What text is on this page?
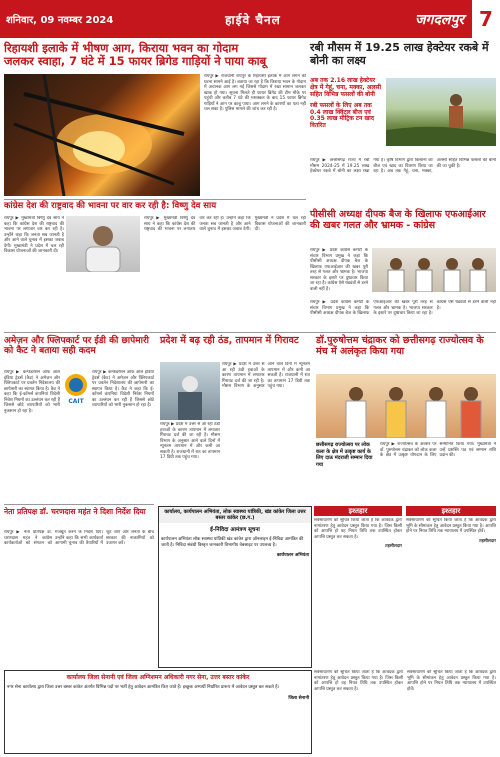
शनिवार, 09 नवम्बर 2024	हाईवे चैनल	जगदलपुर 7
रिहायशी इलाके में भीषण आग, किराया भवन का गोदाम
जलकर स्वाहा, 7 घंटे में 15 फायर ब्रिगेड गाड़ियों ने पाया काबू

रायपुर ▶ राजधानी रायपुर के रिहायशी इलाके में आग लगने की घटना सामने आई है। बताया जा रहा है कि किराया भवन के गोदाम में अचानक आग लग गई जिससे गोदाम में रखा सामान जलकर खाक हो गया। सूचना मिलते ही फायर ब्रिगेड की टीम मौके पर पहुंची और करीब 7 घंटे की मशक्कत के बाद 15 फायर ब्रिगेड गाड़ियों ने आग पर काबू पाया। आग लगने के कारणों का पता नहीं चल सका है। पुलिस मामले की जांच कर रही है।

रबी मौसम में 19.25 लाख हेक्टेयर रकबे में बोनी का लक्ष्य
अब तक 2.16 लाख हेक्टेयर क्षेत्र में गेहूं, चना, मक्का, अलसी सहित विभिन्न फसलों की बोनी
रबी फसलों के लिए अब तक 0.4 लाख क्विंटल बीज एवं 0.35 लाख मीट्रिक टन खाद वितरित

रायपुर ▶ छत्तीसगढ़ राज्य में रबी मौसम 2024-25 में 19.25 लाख हेक्टेयर रकबे में बोनी का लक्ष्य रखा गया है। कृषि विभाग द्वारा किसानों को बीज एवं खाद का वितरण किया जा रहा है। अब तक गेहूं, चना, मक्का, अलसी सहित विभिन्न फसलों की बोनी की जा चुकी है।

कांग्रेस देश की राष्ट्रवाद की भावना पर वार कर रही है: विष्णु देव साय

रायपुर ▶ मुख्यमंत्री विष्णु देव साय ने कहा कि कांग्रेस देश की राष्ट्रवाद की भावना पर लगातार वार कर रही है। उन्होंने कहा कि जनता सब जानती है और आने वाले चुनाव में इसका जवाब देगी। मुख्यमंत्री ने प्रदेश में चल रही विकास योजनाओं की जानकारी दी।

रायपुर ▶ मुख्यमंत्री विष्णु देव साय ने कहा कि कांग्रेस देश की राष्ट्रवाद की भावना पर लगातार वार कर रही है। उन्होंने कहा कि जनता सब जानती है और आने वाले चुनाव में इसका जवाब देगी। मुख्यमंत्री ने प्रदेश में चल रही विकास योजनाओं की जानकारी दी।

पीसीसी अध्यक्ष दीपक बैज के खिलाफ एफआईआर की खबर गलत और भ्रामक - कांग्रेस

रायपुर ▶ प्रदेश कांग्रेस कमेटी के संचार विभाग प्रमुख ने कहा कि पीसीसी अध्यक्ष दीपक बैज के खिलाफ एफआईआर की खबर पूरी तरह से गलत और भ्रामक है। भाजपा सरकार के इशारे पर दुष्प्रचार किया जा रहा है। कांग्रेस ऐसे षड्यंत्रों से डरने वाली नहीं है।

रायपुर ▶ प्रदेश कांग्रेस कमेटी के संचार विभाग प्रमुख ने कहा कि पीसीसी अध्यक्ष दीपक बैज के खिलाफ एफआईआर की खबर पूरी तरह से गलत और भ्रामक है। भाजपा सरकार के इशारे पर दुष्प्रचार किया जा रहा है। कांग्रेस ऐसे षड्यंत्रों से डरने वाली नहीं है।

अमेज़न और फ्लिपकार्ट पर ईडी की छापेमारी को कैट ने बताया सही कदम

रायपुर ▶ कन्फेडरेशन ऑफ ऑल इंडिया ट्रेडर्स (कैट) ने अमेज़न और फ्लिपकार्ट पर प्रवर्तन निदेशालय की छापेमारी का स्वागत किया है। कैट ने कहा कि ई-कॉमर्स कंपनियां विदेशी निवेश नियमों का उल्लंघन कर रही हैं जिससे छोटे व्यापारियों को भारी नुकसान हो रहा है।

CAIT

रायपुर ▶ कन्फेडरेशन ऑफ ऑल इंडिया ट्रेडर्स (कैट) ने अमेज़न और फ्लिपकार्ट पर प्रवर्तन निदेशालय की छापेमारी का स्वागत किया है। कैट ने कहा कि ई-कॉमर्स कंपनियां विदेशी निवेश नियमों का उल्लंघन कर रही हैं जिससे छोटे व्यापारियों को भारी नुकसान हो रहा है।

प्रदेश में बढ़ रही ठंड, तापमान में गिरावट

रायपुर ▶ प्रदेश में उत्तर से आ रही ठंडी हवाओं के कारण तापमान में लगातार गिरावट दर्ज की जा रही है। मौसम विभाग के अनुसार आने वाले दिनों में न्यूनतम तापमान में और कमी आ सकती है। राजधानी में रात का तापमान 17 डिग्री तक पहुंच गया।

रायपुर ▶ प्रदेश में उत्तर से आ रही ठंडी हवाओं के कारण तापमान में लगातार गिरावट दर्ज की जा रही है। मौसम विभाग के अनुसार आने वाले दिनों में न्यूनतम तापमान में और कमी आ सकती है। राजधानी में रात का तापमान 17 डिग्री तक पहुंच गया।

डॉ.पुरुषोत्तम चंद्राकर को छत्तीसगढ़ राज्योत्सव के मंच में अलंकृत किया गया
छत्तीसगढ़ राज्योत्सव पर लोक कला के क्षेत्र में उत्कृष्ट कार्य के लिए दाऊ मंदराजी सम्मान दिया गया

रायपुर ▶ राज्योत्सव के अवसर पर डॉ. पुरुषोत्तम चंद्राकर को लोक कला के क्षेत्र में उत्कृष्ट योगदान के लिए सम्मानित किया गया। मुख्यमंत्री ने उन्हें प्रशस्ति पत्र एवं सम्मान राशि प्रदान की।

नेता प्रतिपक्ष डॉ. चरणदास महंत ने दिशा निर्देश दिया

रायपुर ▶ नेता प्रतिपक्ष डॉ. चरणदास महंत ने कांग्रेस कार्यकर्ताओं को संगठन को मजबूत करने के निर्देश दिए। उन्होंने कहा कि सभी कार्यकर्ता आगामी चुनाव की तैयारियों में जुट जाएं और जनता के बीच सरकार की नाकामियों को उजागर करें।

कार्यालय, कार्यपालन अभियंता, लोक स्वास्थ्य यांत्रिकी, खंड कांकेर जिला उत्तर बस्तर कांकेर (छ.ग.)
ई-निविदा आमंत्रण सूचना
कार्यपालन अभियंता लोक स्वास्थ्य यांत्रिकी खंड कांकेर द्वारा ऑनलाइन ई-निविदा आमंत्रित की जाती है। निविदा संबंधी विस्तृत जानकारी विभागीय वेबसाइट पर उपलब्ध है।
कार्यपालन अभियंता
इश्तहार

सर्वसाधारण को सूचित किया जाता है कि आवेदक द्वारा नामांतरण हेतु आवेदन प्रस्तुत किया गया है। जिस किसी को आपत्ति हो वह नियत तिथि तक उपस्थित होकर आपत्ति प्रस्तुत कर सकता है।

तहसीलदार

इश्तहार

सर्वसाधारण को सूचित किया जाता है कि आवेदक द्वारा भूमि के सीमांकन हेतु आवेदन प्रस्तुत किया गया है। आपत्ति होने पर नियत तिथि तक न्यायालय में उपस्थित होवें।

तहसीलदार

कार्यालय जिला सेनानी एवं जिला अग्निशमन अधिकारी नगर सेना, उत्तर बस्तर कांकेर
नगर सेना कार्यालय द्वारा जिला उत्तर बस्तर कांकेर अंतर्गत विभिन्न पदों पर भर्ती हेतु आवेदन आमंत्रित किए जाते हैं। इच्छुक अभ्यर्थी निर्धारित प्रारूप में आवेदन प्रस्तुत कर सकते हैं।
जिला सेनानी

सर्वसाधारण को सूचित किया जाता है कि आवेदक द्वारा नामांतरण हेतु आवेदन प्रस्तुत किया गया है। जिस किसी को आपत्ति हो वह नियत तिथि तक उपस्थित होकर आपत्ति प्रस्तुत कर सकता है।

सर्वसाधारण को सूचित किया जाता है कि आवेदक द्वारा भूमि के सीमांकन हेतु आवेदन प्रस्तुत किया गया है। आपत्ति होने पर नियत तिथि तक न्यायालय में उपस्थित होवें।
